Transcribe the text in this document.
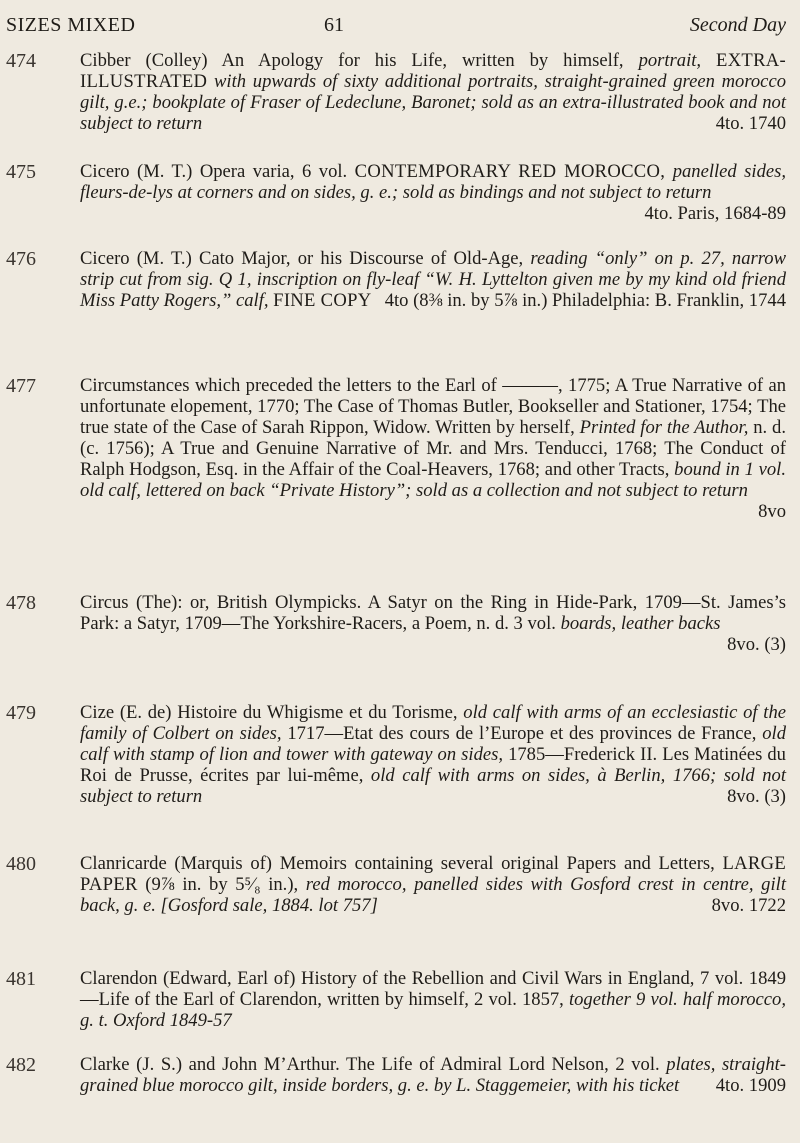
SIZES MIXED	61	Second Day
474 Cibber (Colley) An Apology for his Life, written by himself, portrait, EXTRA-ILLUSTRATED with upwards of sixty additional portraits, straight-grained green morocco gilt, g.e.; bookplate of Fraser of Ledeclune, Baronet; sold as an extra-illustrated book and not subject to return	4to. 1740
475 Cicero (M. T.) Opera varia, 6 vol. CONTEMPORARY RED MOROCCO, panelled sides, fleurs-de-lys at corners and on sides, g. e.; sold as bindings and not subject to return
4to. Paris, 1684-89
476 Cicero (M. T.) Cato Major, or his Discourse of Old-Age, reading “only” on p. 27, narrow strip cut from sig. Q 1, inscription on fly-leaf “W. H. Lyttelton given me by my kind old friend Miss Patty Rogers,” calf, FINE COPY 4to (8⅜ in. by 5⅞ in.) Philadelphia: B. Franklin, 1744
477 Circumstances which preceded the letters to the Earl of ———, 1775; A True Narrative of an unfortunate elopement, 1770; The Case of Thomas Butler, Bookseller and Stationer, 1754; The true state of the Case of Sarah Rippon, Widow. Written by herself, Printed for the Author, n. d. (c. 1756); A True and Genuine Narrative of Mr. and Mrs. Tenducci, 1768; The Conduct of Ralph Hodgson, Esq. in the Affair of the Coal-Heavers, 1768; and other Tracts, bound in 1 vol. old calf, lettered on back “Private History”; sold as a collection and not subject to return
8vo
478 Circus (The): or, British Olympicks. A Satyr on the Ring in Hide-Park, 1709—St. James’s Park: a Satyr, 1709—The Yorkshire-Racers, a Poem, n. d. 3 vol. boards, leather backs
8vo. (3)
479 Cize (E. de) Histoire du Whigisme et du Torisme, old calf with arms of an ecclesiastic of the family of Colbert on sides, 1717—Etat des cours de l’Europe et des provinces de France, old calf with stamp of lion and tower with gateway on sides, 1785—Frederick II. Les Matinées du Roi de Prusse, écrites par lui-même, old calf with arms on sides, à Berlin, 1766; sold not subject to return	8vo. (3)
480 Clanricarde (Marquis of) Memoirs containing several original Papers and Letters, LARGE PAPER (9⅞ in. by 5⁵⁄₈ in.), red morocco, panelled sides with Gosford crest in centre, gilt back, g. e. [Gosford sale, 1884. lot 757]	8vo. 1722
481 Clarendon (Edward, Earl of) History of the Rebellion and Civil Wars in England, 7 vol. 1849—Life of the Earl of Clarendon, written by himself, 2 vol. 1857, together 9 vol. half morocco, g. t. Oxford 1849-57
482 Clarke (J. S.) and John M’Arthur. The Life of Admiral Lord Nelson, 2 vol. plates, straight-grained blue morocco gilt, inside borders, g. e. by L. Staggemeier, with his ticket 4to. 1909
